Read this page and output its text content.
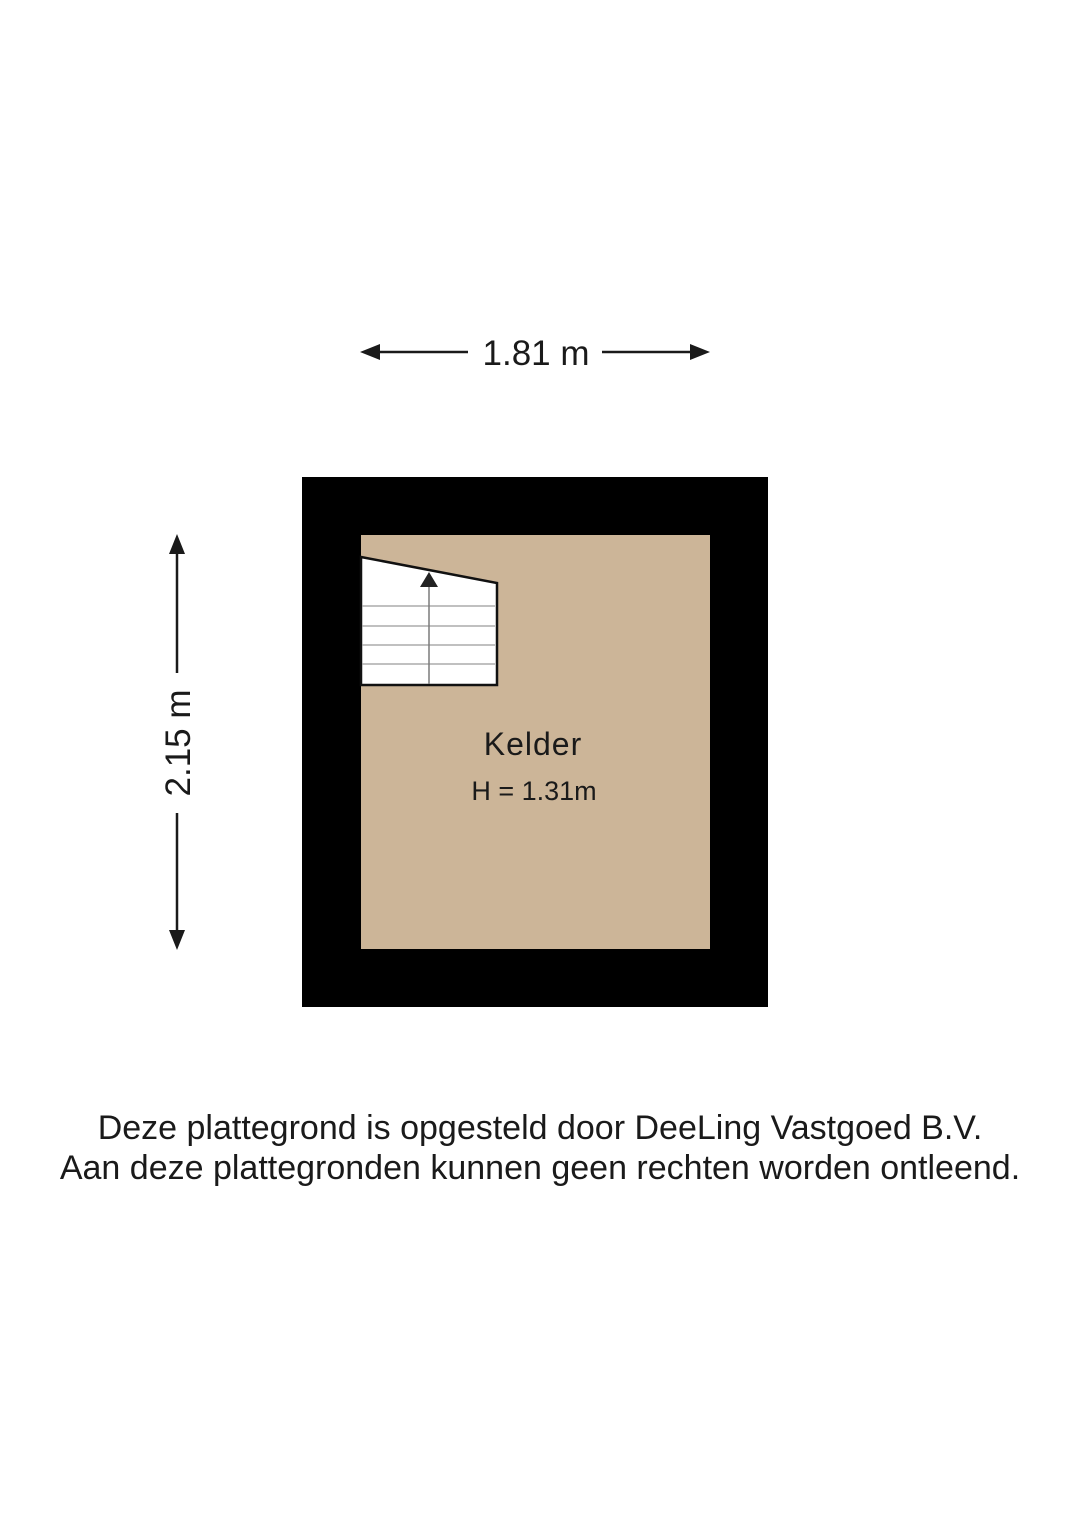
1.81 m
2.15 m	Kelder
H = 1.31m

Deze plattegrond is opgesteld door DeeLing Vastgoed B.V.

Aan deze plattegronden kunnen geen rechten worden ontleend.
